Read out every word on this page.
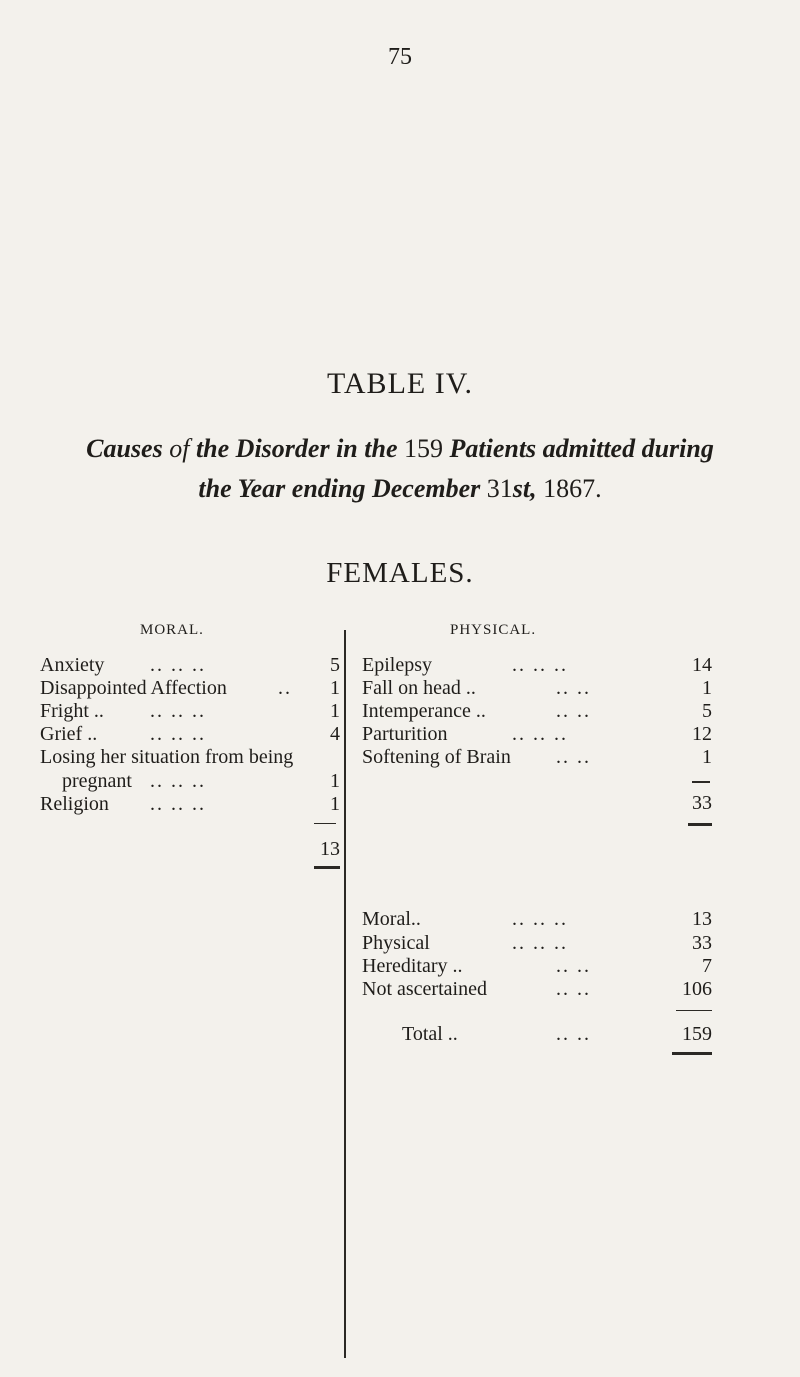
75
TABLE IV.
Causes of the Disorder in the 159 Patients admitted during
the Year ending December 31st, 1867.
FEMALES.
MORAL.	PHYSICAL.
Anxiety .. .. ..	5
Disappointed Affection	..	1
Fright .. .. .. ..	1
Grief ..	.. .. ..	4
Losing her situation from being
pregnant .. .. ..	1
Religion .. .. ..	1
13
Epilepsy	.. .. ..	14
Fall on head ..	.. ..	1
Intemperance ..	.. ..	5
Parturition	.. .. ..	12
Softening of Brain .. ..	1
33
Moral..	.. .. ..	13
Physical	.. .. ..	33
Hereditary ..	.. ..	7
Not ascertained	.. ..	106
Total ..	.. ..	159
